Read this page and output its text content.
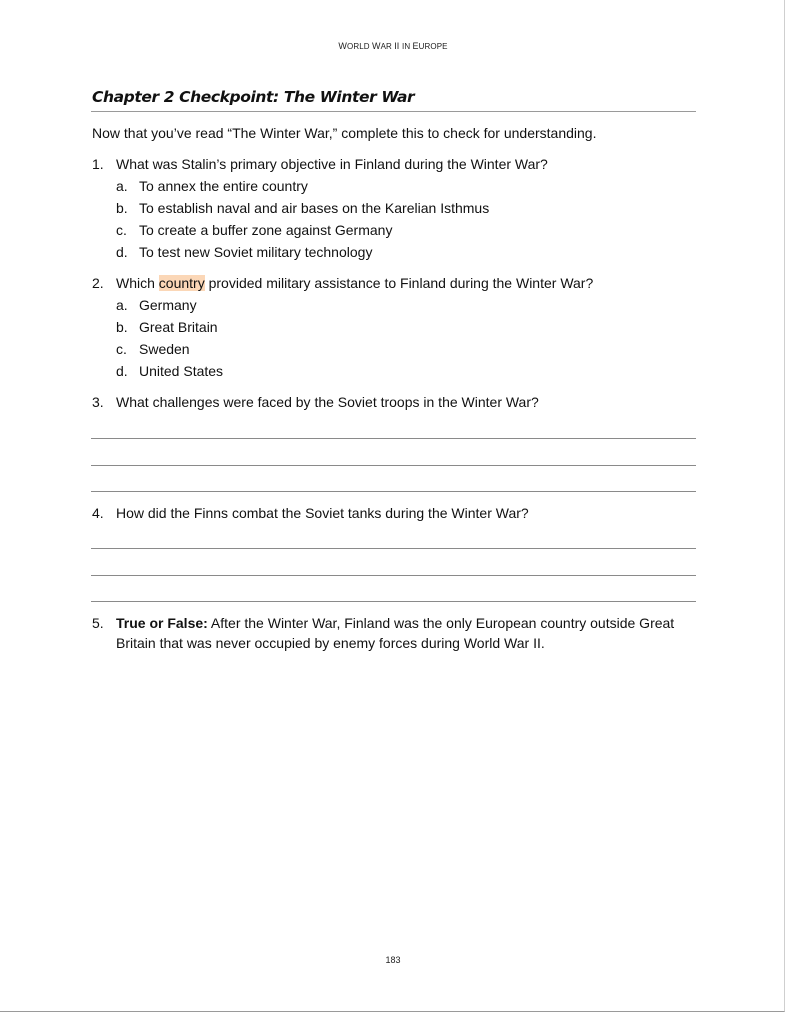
WORLD WAR II IN EUROPE
Chapter 2 Checkpoint: The Winter War
Now that you’ve read “The Winter War,” complete this to check for understanding.
1. What was Stalin’s primary objective in Finland during the Winter War?
a. To annex the entire country
b. To establish naval and air bases on the Karelian Isthmus
c. To create a buffer zone against Germany
d. To test new Soviet military technology
2. Which country provided military assistance to Finland during the Winter War?
a. Germany
b. Great Britain
c. Sweden
d. United States
3. What challenges were faced by the Soviet troops in the Winter War?
4. How did the Finns combat the Soviet tanks during the Winter War?
5. True or False: After the Winter War, Finland was the only European country outside Great Britain that was never occupied by enemy forces during World War II.
183
